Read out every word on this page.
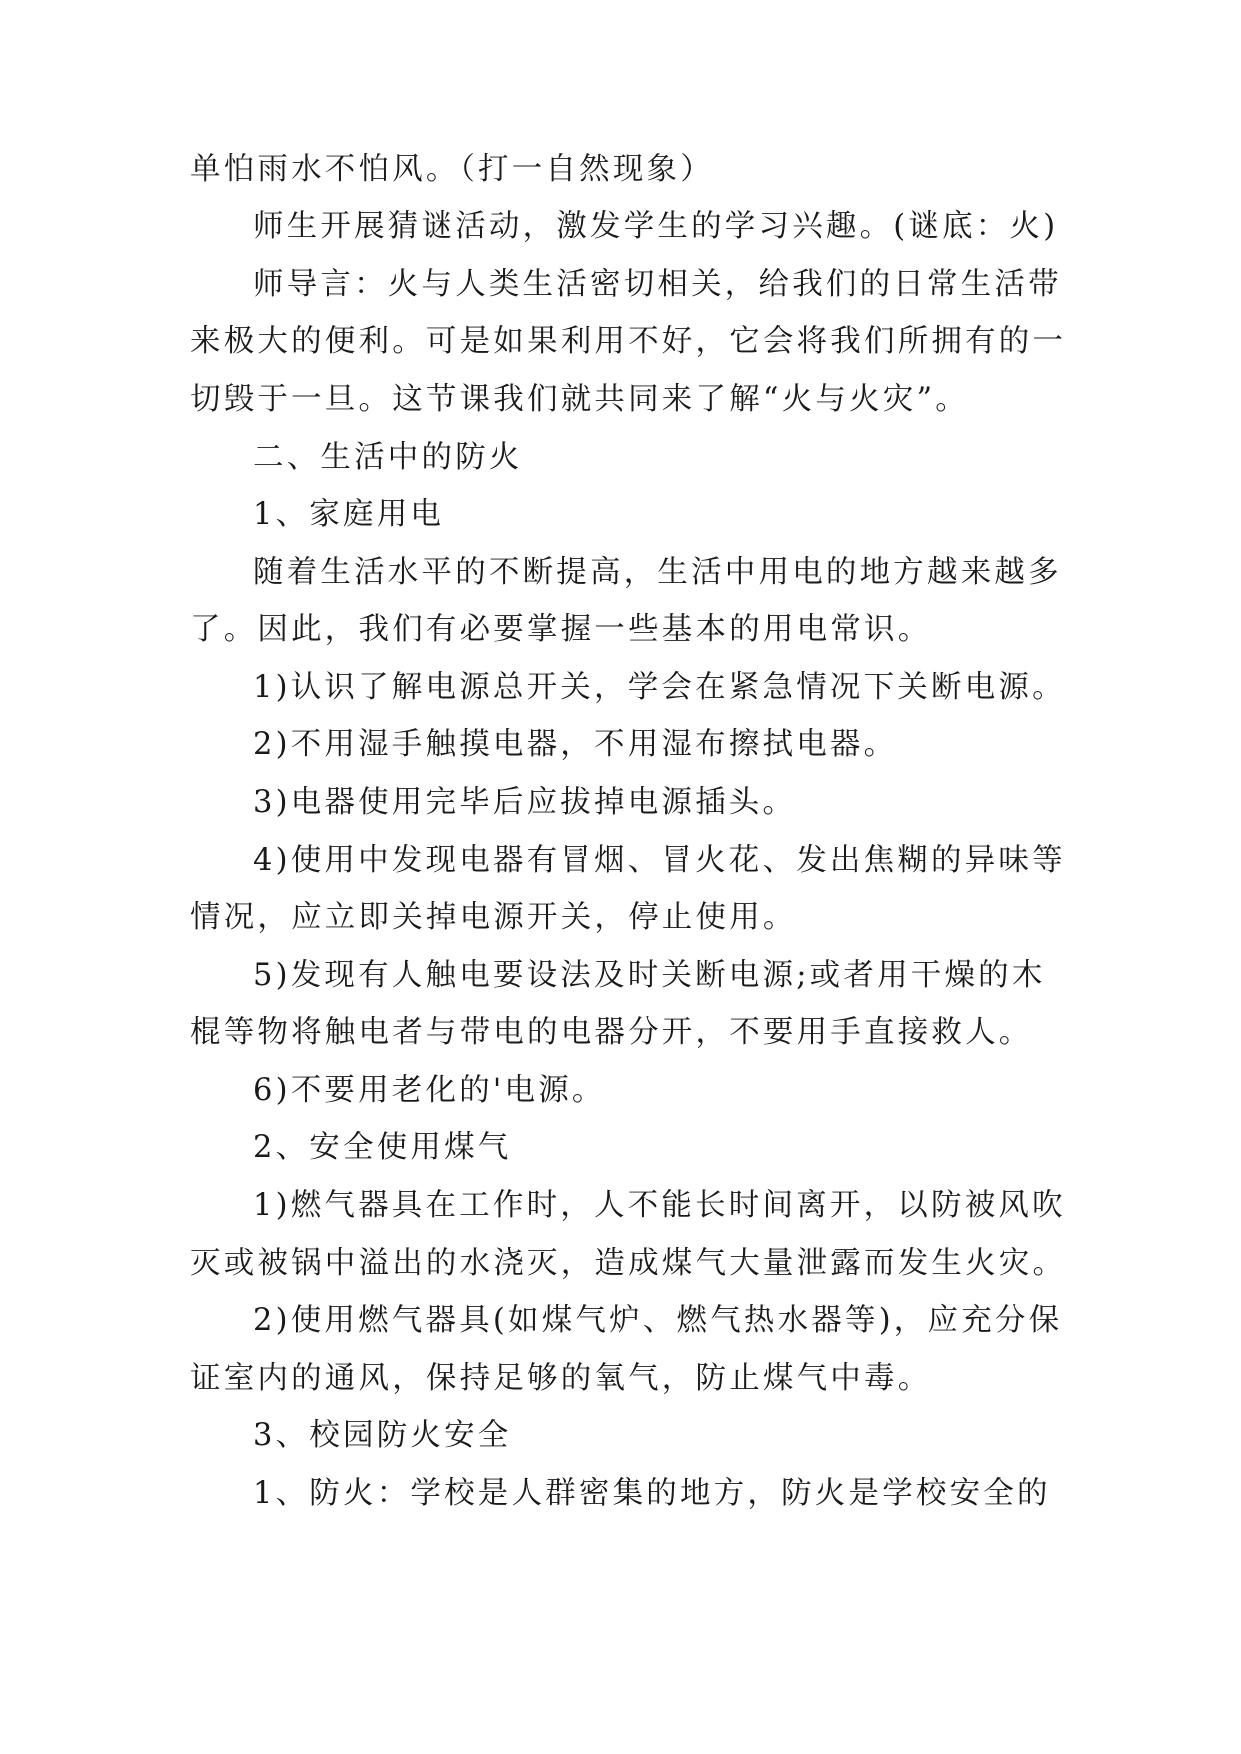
单怕雨水不怕风。（打一自然现象）
师生开展猜谜活动，激发学生的学习兴趣。(谜底：火)
师导言：火与人类生活密切相关，给我们的日常生活带
来极大的便利。可是如果利用不好，它会将我们所拥有的一
切毁于一旦。这节课我们就共同来了解“火与火灾”。
二、生活中的防火
1、家庭用电
随着生活水平的不断提高，生活中用电的地方越来越多
了。因此，我们有必要掌握一些基本的用电常识。
1)认识了解电源总开关，学会在紧急情况下关断电源。
2)不用湿手触摸电器，不用湿布擦拭电器。
3)电器使用完毕后应拔掉电源插头。
4)使用中发现电器有冒烟、冒火花、发出焦糊的异味等
情况，应立即关掉电源开关，停止使用。
5)发现有人触电要设法及时关断电源;或者用干燥的木
棍等物将触电者与带电的电器分开，不要用手直接救人。
6)不要用老化的'电源。
2、安全使用煤气
1)燃气器具在工作时，人不能长时间离开，以防被风吹
灭或被锅中溢出的水浇灭，造成煤气大量泄露而发生火灾。
2)使用燃气器具(如煤气炉、燃气热水器等)，应充分保
证室内的通风，保持足够的氧气，防止煤气中毒。
3、校园防火安全
1、防火：学校是人群密集的地方，防火是学校安全的
